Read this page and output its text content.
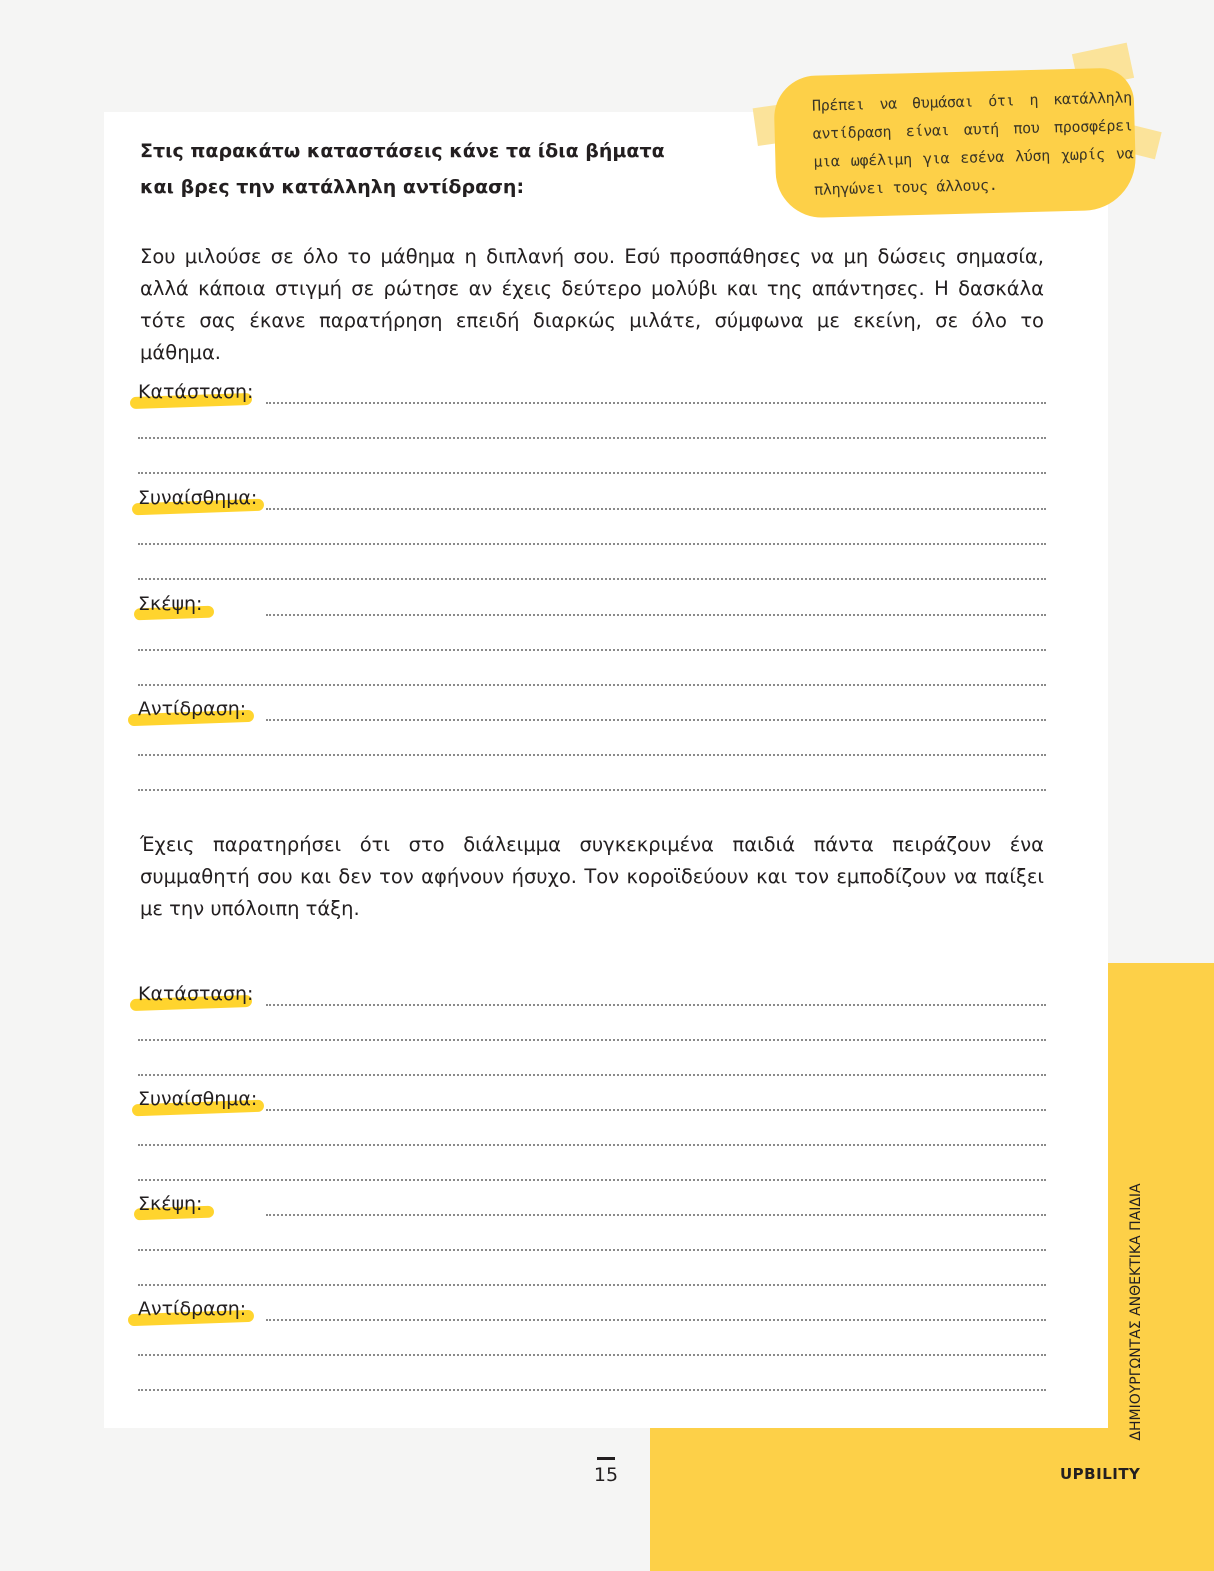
Στις παρακάτω καταστάσεις κάνε τα ίδια βήματα
και βρες την κατάλληλη αντίδραση:

Πρέπει να θυμάσαι ότι η κατάλληλη αντίδραση είναι αυτή που προσφέρει μια ωφέλιμη για εσένα λύση χωρίς να πληγώνει τους άλλους.

Σου μιλούσε σε όλο το μάθημα η διπλανή σου. Εσύ προσπάθησες να μη δώσεις σημασία, αλλά κάποια στιγμή σε ρώτησε αν έχεις δεύτερο μολύβι και της απάντησες. Η δασκάλα τότε σας έκανε παρατήρηση επειδή διαρκώς μιλάτε, σύμφωνα με εκείνη, σε όλο το μάθημα.

Κατάσταση:
Συναίσθημα:
Σκέψη:
Αντίδραση:

Έχεις παρατηρήσει ότι στο διάλειμμα συγκεκριμένα παιδιά πάντα πειράζουν ένα συμμαθητή σου και δεν τον αφήνουν ήσυχο. Τον κοροϊδεύουν και τον εμποδίζουν να παίξει με την υπόλοιπη τάξη.

Κατάσταση:
Συναίσθημα:
Σκέψη:
Αντίδραση:
15	UPBILITY
ΔΗΜΙΟΥΡΓΩΝΤΑΣ ΑΝΘΕΚΤΙΚΑ ΠΑΙΔΙΑ
